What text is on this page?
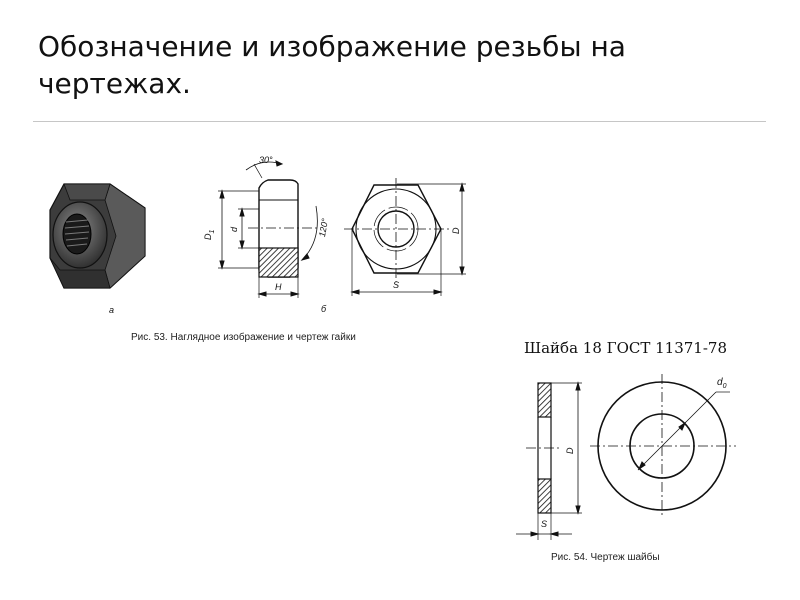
Обозначение и изображение резьбы на чертежах.
а	б
30°
120°
$D_1$ d
H
D
S
Рис. 53. Наглядное изображение и чертеж гайки
Шайба 18 ГОСТ 11371-78
D
S
$d_0$
Рис. 54. Чертеж шайбы
